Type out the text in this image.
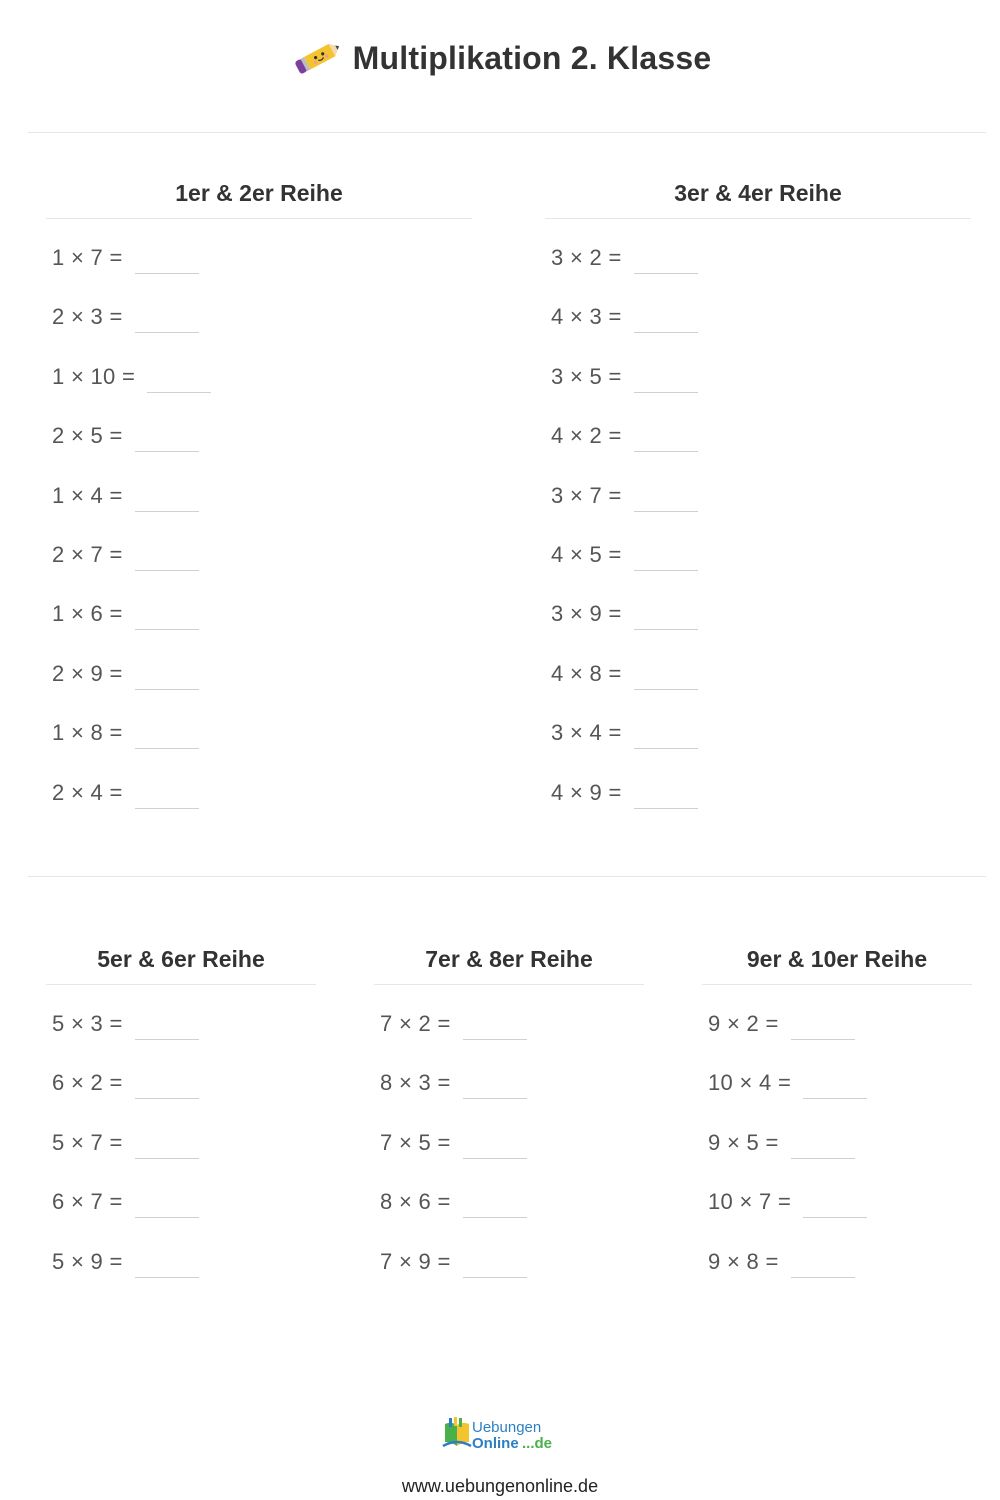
Multiplikation 2. Klasse
1er & 2er Reihe
1 × 7 =
2 × 3 =
1 × 10 =
2 × 5 =
1 × 4 =
2 × 7 =
1 × 6 =
2 × 9 =
1 × 8 =
2 × 4 =
3er & 4er Reihe
3 × 2 =
4 × 3 =
3 × 5 =
4 × 2 =
3 × 7 =
4 × 5 =
3 × 9 =
4 × 8 =
3 × 4 =
4 × 9 =
5er & 6er Reihe
5 × 3 =
6 × 2 =
5 × 7 =
6 × 7 =
5 × 9 =
7er & 8er Reihe
7 × 2 =
8 × 3 =
7 × 5 =
8 × 6 =
7 × 9 =
9er & 10er Reihe
9 × 2 =
10 × 4 =
9 × 5 =
10 × 7 =
9 × 8 =
Uebungen
Online ...de
www.uebungenonline.de
